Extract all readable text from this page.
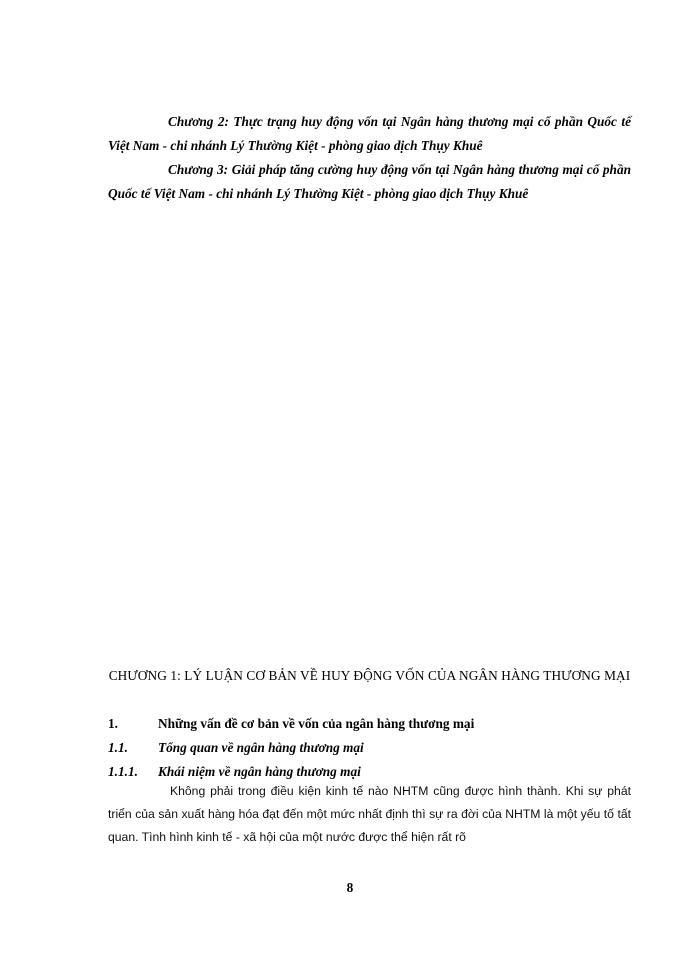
Chương 2: Thực trạng huy động vốn tại Ngân hàng thương mại cổ phần Quốc tế Việt Nam - chi nhánh Lý Thường Kiệt - phòng giao dịch Thụy Khuê

Chương 3: Giải pháp tăng cường huy động vốn tại Ngân hàng thương mại cổ phần Quốc tế Việt Nam - chi nhánh Lý Thường Kiệt - phòng giao dịch Thụy Khuê

CHƯƠNG 1: LÝ LUẬN CƠ BẢN VỀ HUY ĐỘNG VỐN CỦA NGÂN HÀNG THƯƠNG MẠI
1.	Những vấn đề cơ bản về vốn của ngân hàng thương mại
1.1. Tổng quan về ngân hàng thương mại
1.1.1. Khái niệm về ngân hàng thương mại

Không phải trong điều kiện kinh tế nào NHTM cũng được hình thành. Khi sự phát triển của sản xuất hàng hóa đạt đến một mức nhất định thì sự ra đời của NHTM là một yếu tố tất quan. Tình hình kinh tế - xã hội của một nước được thể hiện rất rõ

8
